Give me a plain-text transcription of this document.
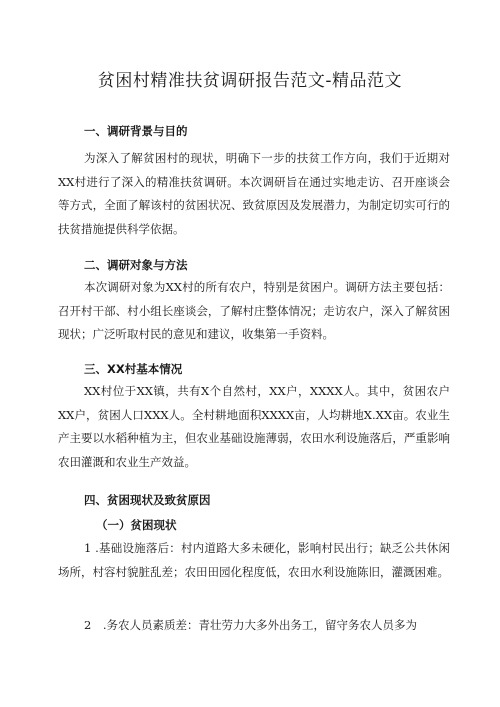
贫困村精准扶贫调研报告范文-精品范文
一、调研背景与目的
为深入了解贫困村的现状，明确下一步的扶贫工作方向，我们于近期对XX村进行了深入的精准扶贫调研。本次调研旨在通过实地走访、召开座谈会等方式，全面了解该村的贫困状况、致贫原因及发展潜力，为制定切实可行的扶贫措施提供科学依据。
二、调研对象与方法
本次调研对象为XX村的所有农户，特别是贫困户。调研方法主要包括：召开村干部、村小组长座谈会，了解村庄整体情况；走访农户，深入了解贫困现状；广泛听取村民的意见和建议，收集第一手资料。
三、XX村基本情况
XX村位于XX镇，共有X个自然村，XX户，XXXX人。其中，贫困农户XX户，贫困人口XXX人。全村耕地面积XXXX亩，人均耕地X.XX亩。农业生产主要以水稻种植为主，但农业基础设施薄弱，农田水利设施落后，严重影响农田灌溉和农业生产效益。
四、贫困现状及致贫原因
（一）贫困现状
1 .基础设施落后：村内道路大多未硬化，影响村民出行；缺乏公共休闲场所，村容村貌脏乱差；农田田园化程度低，农田水利设施陈旧，灌溉困难。
2　.务农人员素质差：青壮劳力大多外出务工，留守务农人员多为
